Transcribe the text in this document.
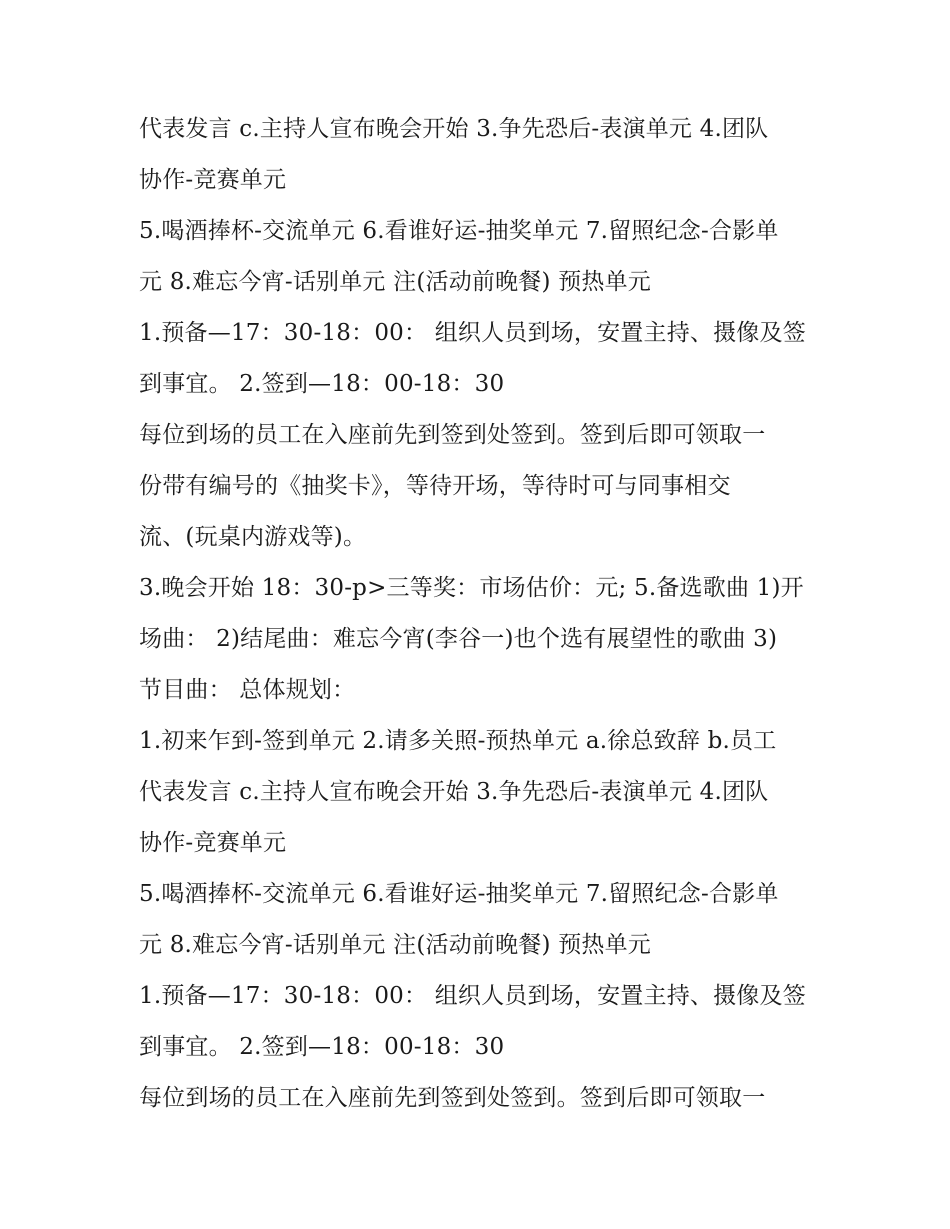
代表发言 c.主持人宣布晚会开始 3.争先恐后-表演单元 4.团队
协作-竞赛单元
5.喝酒捧杯-交流单元 6.看谁好运-抽奖单元 7.留照纪念-合影单
元 8.难忘今宵-话别单元 注(活动前晚餐) 预热单元
1.预备—17：30-18：00： 组织人员到场，安置主持、摄像及签
到事宜。 2.签到—18：00-18：30
每位到场的员工在入座前先到签到处签到。签到后即可领取一
份带有编号的《抽奖卡》，等待开场，等待时可与同事相交
流、(玩桌内游戏等)。
3.晚会开始 18：30-p>三等奖：市场估价：元; 5.备选歌曲 1)开
场曲： 2)结尾曲：难忘今宵(李谷一)也个选有展望性的歌曲 3)
节目曲： 总体规划：
1.初来乍到-签到单元 2.请多关照-预热单元 a.徐总致辞 b.员工
代表发言 c.主持人宣布晚会开始 3.争先恐后-表演单元 4.团队
协作-竞赛单元
5.喝酒捧杯-交流单元 6.看谁好运-抽奖单元 7.留照纪念-合影单
元 8.难忘今宵-话别单元 注(活动前晚餐) 预热单元
1.预备—17：30-18：00： 组织人员到场，安置主持、摄像及签
到事宜。 2.签到—18：00-18：30
每位到场的员工在入座前先到签到处签到。签到后即可领取一
